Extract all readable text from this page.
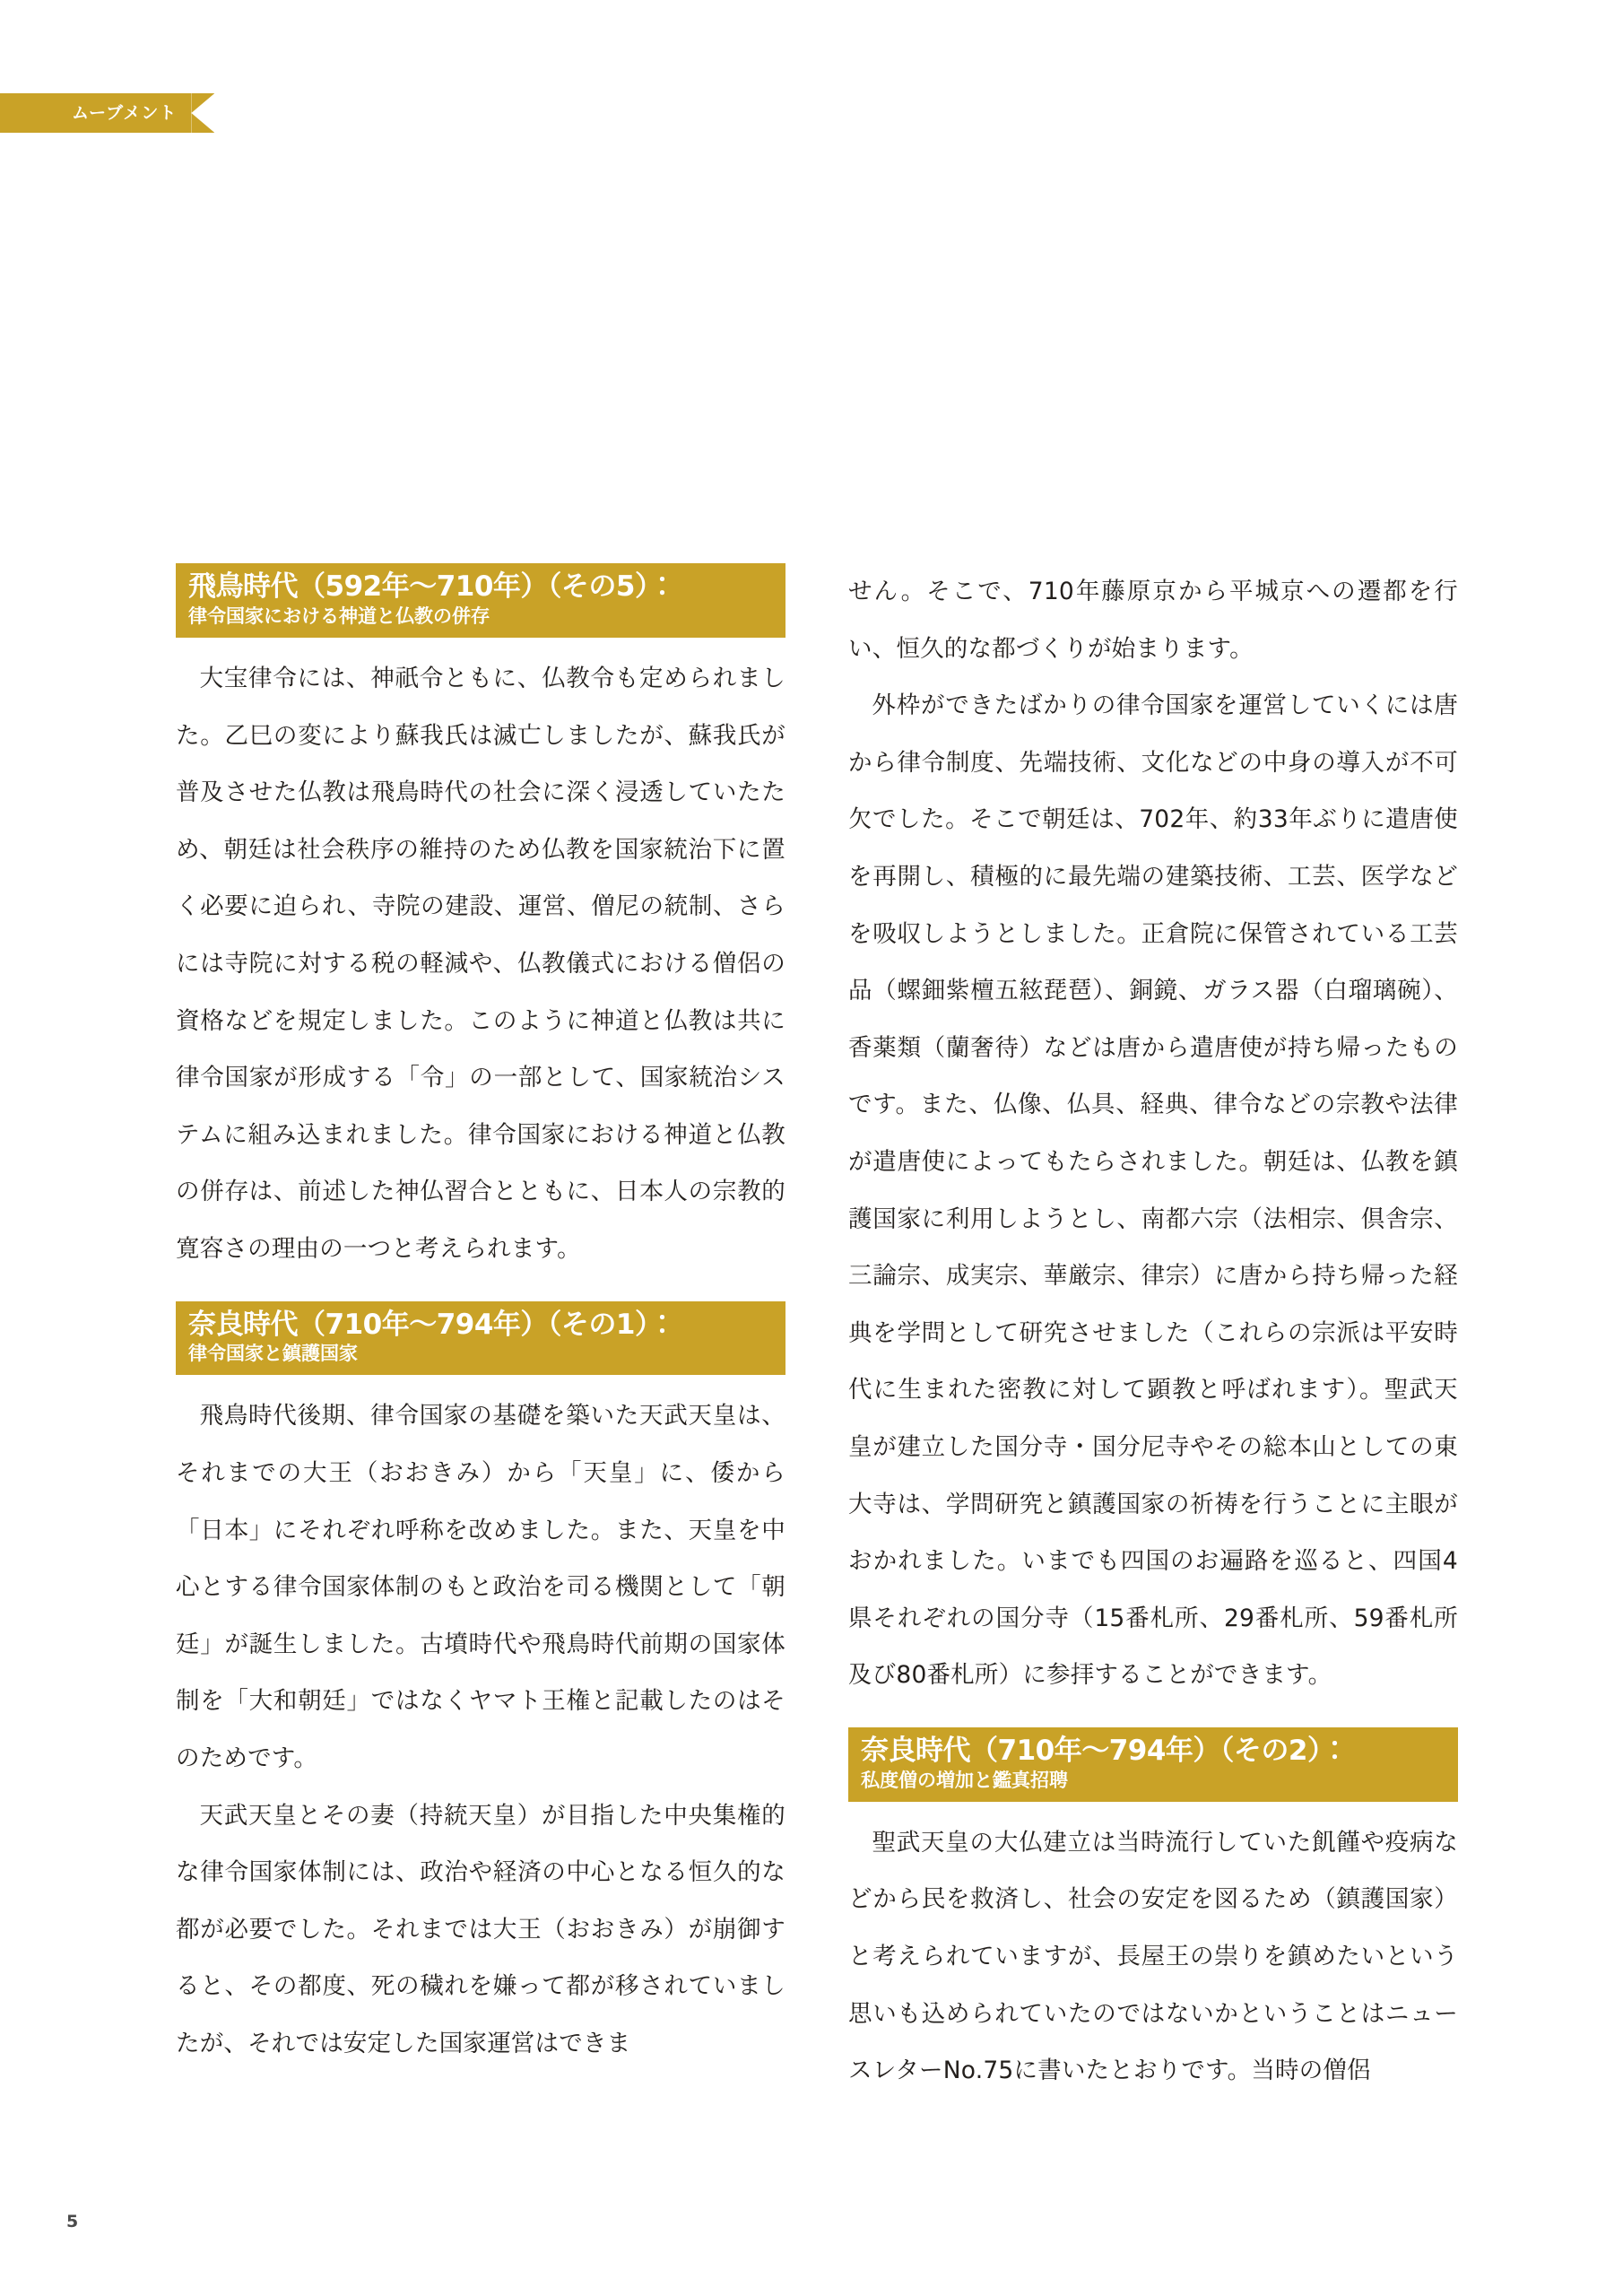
ムーブメント
飛鳥時代（592年〜710年）（その5）：
律令国家における神道と仏教の併存

大宝律令には、神祇令ともに、仏教令も定められました。乙巳の変により蘇我氏は滅亡しましたが、蘇我氏が普及させた仏教は飛鳥時代の社会に深く浸透していたため、朝廷は社会秩序の維持のため仏教を国家統治下に置く必要に迫られ、寺院の建設、運営、僧尼の統制、さらには寺院に対する税の軽減や、仏教儀式における僧侶の資格などを規定しました。このように神道と仏教は共に律令国家が形成する「令」の一部として、国家統治システムに組み込まれました。律令国家における神道と仏教の併存は、前述した神仏習合とともに、日本人の宗教的寛容さの理由の一つと考えられます。

奈良時代（710年〜794年）（その1）：
律令国家と鎮護国家

飛鳥時代後期、律令国家の基礎を築いた天武天皇は、それまでの大王（おおきみ）から「天皇」に、倭から「日本」にそれぞれ呼称を改めました。また、天皇を中心とする律令国家体制のもと政治を司る機関として「朝廷」が誕生しました。古墳時代や飛鳥時代前期の国家体制を「大和朝廷」ではなくヤマト王権と記載したのはそのためです。

天武天皇とその妻（持統天皇）が目指した中央集権的な律令国家体制には、政治や経済の中心となる恒久的な都が必要でした。それまでは大王（おおきみ）が崩御すると、その都度、死の穢れを嫌って都が移されていましたが、それでは安定した国家運営はできま

せん。そこで、710年藤原京から平城京への遷都を行い、恒久的な都づくりが始まります。

外枠ができたばかりの律令国家を運営していくには唐から律令制度、先端技術、文化などの中身の導入が不可欠でした。そこで朝廷は、702年、約33年ぶりに遣唐使を再開し、積極的に最先端の建築技術、工芸、医学などを吸収しようとしました。正倉院に保管されている工芸品（螺鈿紫檀五絃琵琶）、銅鏡、ガラス器（白瑠璃碗）、香薬類（蘭奢待）などは唐から遣唐使が持ち帰ったものです。また、仏像、仏具、経典、律令などの宗教や法律が遣唐使によってもたらされました。朝廷は、仏教を鎮護国家に利用しようとし、南都六宗（法相宗、倶舎宗、三論宗、成実宗、華厳宗、律宗）に唐から持ち帰った経典を学問として研究させました（これらの宗派は平安時代に生まれた密教に対して顕教と呼ばれます）。聖武天皇が建立した国分寺・国分尼寺やその総本山としての東大寺は、学問研究と鎮護国家の祈祷を行うことに主眼がおかれました。いまでも四国のお遍路を巡ると、四国4県それぞれの国分寺（15番札所、29番札所、59番札所及び80番札所）に参拝することができます。

奈良時代（710年〜794年）（その2）：
私度僧の増加と鑑真招聘

聖武天皇の大仏建立は当時流行していた飢饉や疫病などから民を救済し、社会の安定を図るため（鎮護国家）と考えられていますが、長屋王の祟りを鎮めたいという思いも込められていたのではないかということはニュースレターNo.75に書いたとおりです。当時の僧侶

5
